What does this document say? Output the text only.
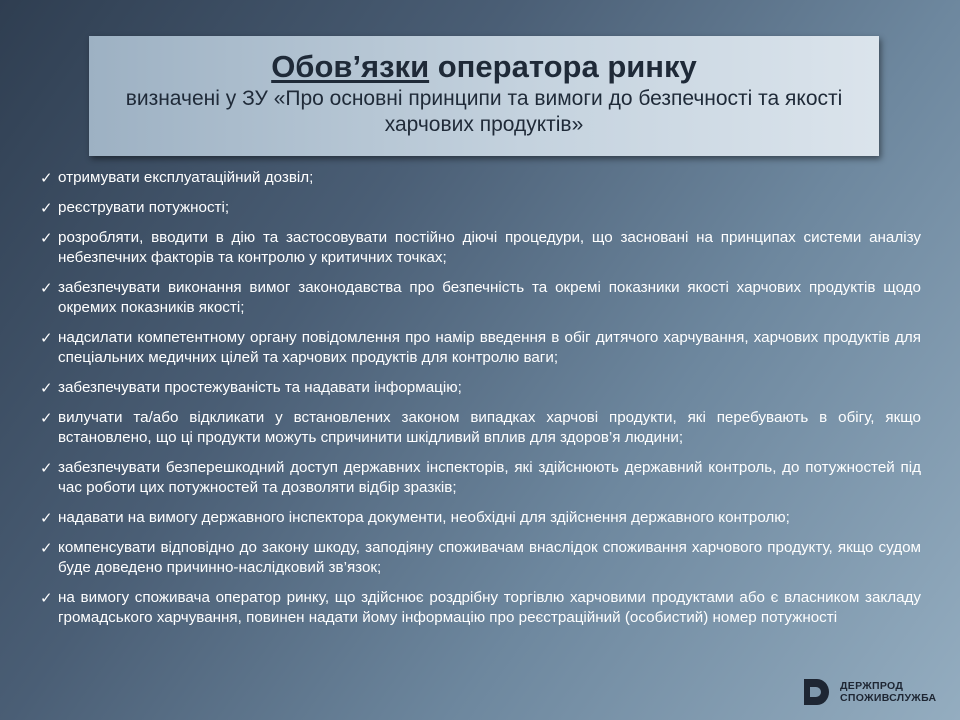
Обов’язки оператора ринку
визначені у ЗУ «Про основні принципи та вимоги до безпечності та якості харчових продуктів»
✓ отримувати експлуатаційний дозвіл;
✓ реєструвати потужності;
✓ розробляти, вводити в дію та застосовувати постійно діючі процедури, що засновані на принципах системи аналізу небезпечних факторів та контролю у критичних точках;
✓ забезпечувати виконання вимог законодавства про безпечність та окремі показники якості харчових продуктів щодо окремих показників якості;
✓ надсилати компетентному органу повідомлення про намір введення в обіг дитячого харчування, харчових продуктів для спеціальних медичних цілей та харчових продуктів для контролю ваги;
✓ забезпечувати простежуваність та надавати інформацію;
✓ вилучати та/або відкликати у встановлених законом випадках харчові продукти, які перебувають в обігу, якщо встановлено, що ці продукти можуть спричинити шкідливий вплив для здоров’я людини;
✓ забезпечувати безперешкодний доступ державних інспекторів, які здійснюють державний контроль, до потужностей під час роботи цих потужностей та дозволяти відбір зразків;
✓ надавати на вимогу державного інспектора документи, необхідні для здійснення державного контролю;
✓ компенсувати відповідно до закону шкоду, заподіяну споживачам внаслідок споживання харчового продукту, якщо судом буде доведено причинно-наслідковий зв’язок;
✓ на вимогу споживача оператор ринку, що здійснює роздрібну торгівлю харчовими продуктами або є власником закладу громадського харчування, повинен надати йому інформацію про реєстраційний (особистий) номер потужності
ДЕРЖПРОД
СПОЖИВСЛУЖБА
